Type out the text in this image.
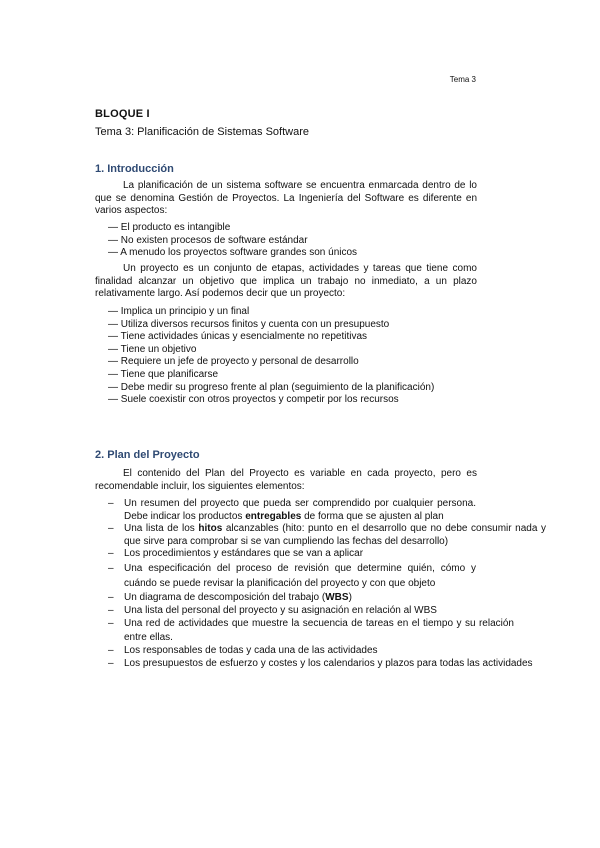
Tema 3
BLOQUE I
Tema 3: Planificación de Sistemas Software
1. Introducción
La planificación de un sistema software se encuentra enmarcada dentro de lo que se denomina Gestión de Proyectos. La Ingeniería del Software es diferente en varios aspectos:
— El producto es intangible
— No existen procesos de software estándar
— A menudo los proyectos software grandes son únicos
Un proyecto es un conjunto de etapas, actividades y tareas que tiene como finalidad alcanzar un objetivo que implica un trabajo no inmediato, a un plazo relativamente largo. Así podemos decir que un proyecto:
— Implica un principio y un final
— Utiliza diversos recursos finitos y cuenta con un presupuesto
— Tiene actividades únicas y esencialmente no repetitivas
— Tiene un objetivo
— Requiere un jefe de proyecto y personal de desarrollo
— Tiene que planificarse
— Debe medir su progreso frente al plan (seguimiento de la planificación)
— Suele coexistir con otros proyectos y competir por los recursos
2. Plan del Proyecto
El contenido del Plan del Proyecto es variable en cada proyecto, pero es recomendable incluir, los siguientes elementos:
– Un resumen del proyecto que pueda ser comprendido por cualquier persona. Debe indicar los productos entregables de forma que se ajusten al plan
– Una lista de los hitos alcanzables (hito: punto en el desarrollo que no debe consumir nada y que sirve para comprobar si se van cumpliendo las fechas del desarrollo)
– Los procedimientos y estándares que se van a aplicar
– Una especificación del proceso de revisión que determine quién, cómo y cuándo se puede revisar la planificación del proyecto y con que objeto
– Un diagrama de descomposición del trabajo (WBS)
– Una lista del personal del proyecto y su asignación en relación al WBS
– Una red de actividades que muestre la secuencia de tareas en el tiempo y su relación entre ellas.
– Los responsables de todas y cada una de las actividades
– Los presupuestos de esfuerzo y costes y los calendarios y plazos para todas las actividades
